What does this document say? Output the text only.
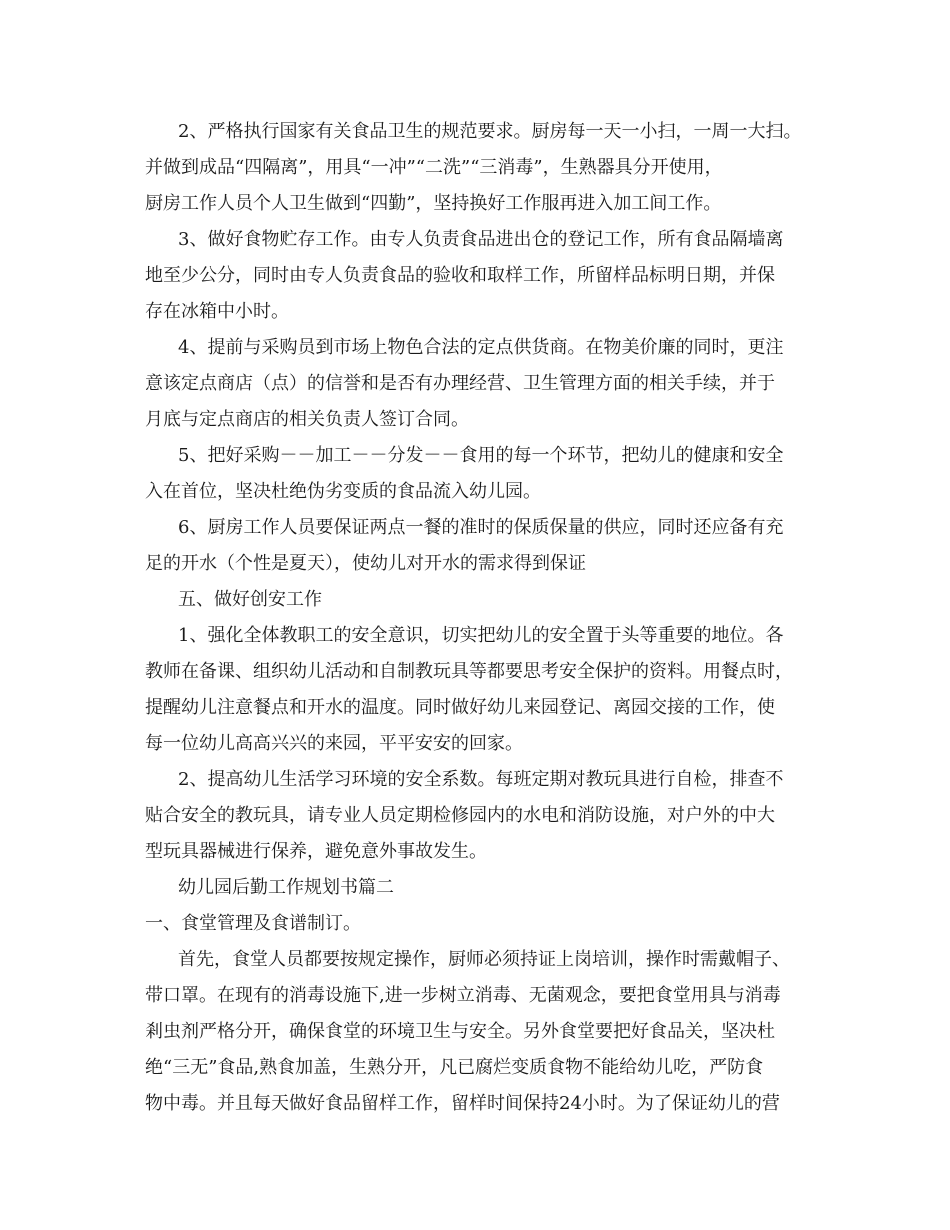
2、严格执行国家有关食品卫生的规范要求。厨房每一天一小扫，一周一大扫。
并做到成品“四隔离”，用具“一冲”“二洗”“三消毒”，生熟器具分开使用，
厨房工作人员个人卫生做到“四勤”，坚持换好工作服再进入加工间工作。
3、做好食物贮存工作。由专人负责食品进出仓的登记工作，所有食品隔墙离
地至少公分，同时由专人负责食品的验收和取样工作，所留样品标明日期，并保
存在冰箱中小时。
4、提前与采购员到市场上物色合法的定点供货商。在物美价廉的同时，更注
意该定点商店（点）的信誉和是否有办理经营、卫生管理方面的相关手续，并于
月底与定点商店的相关负责人签订合同。
5、把好采购－－加工－－分发－－食用的每一个环节，把幼儿的健康和安全
入在首位，坚决杜绝伪劣变质的食品流入幼儿园。
6、厨房工作人员要保证两点一餐的准时的保质保量的供应，同时还应备有充
足的开水（个性是夏天），使幼儿对开水的需求得到保证
五、做好创安工作
1、强化全体教职工的安全意识，切实把幼儿的安全置于头等重要的地位。各
教师在备课、组织幼儿活动和自制教玩具等都要思考安全保护的资料。用餐点时，
提醒幼儿注意餐点和开水的温度。同时做好幼儿来园登记、离园交接的工作，使
每一位幼儿高高兴兴的来园，平平安安的回家。
2、提高幼儿生活学习环境的安全系数。每班定期对教玩具进行自检，排查不
贴合安全的教玩具，请专业人员定期检修园内的水电和消防设施，对户外的中大
型玩具器械进行保养，避免意外事故发生。
幼儿园后勤工作规划书篇二
一、食堂管理及食谱制订。
首先，食堂人员都要按规定操作，厨师必须持证上岗培训，操作时需戴帽子、
带口罩。在现有的消毒设施下,进一步树立消毒、无菌观念，要把食堂用具与消毒
剎虫剂严格分开，确保食堂的环境卫生与安全。另外食堂要把好食品关，坚决杜
绝“三无”食品,熟食加盖，生熟分开，凡已腐烂变质食物不能给幼儿吃，严防食
物中毒。并且每天做好食品留样工作，留样时间保持24小时。为了保证幼儿的营
